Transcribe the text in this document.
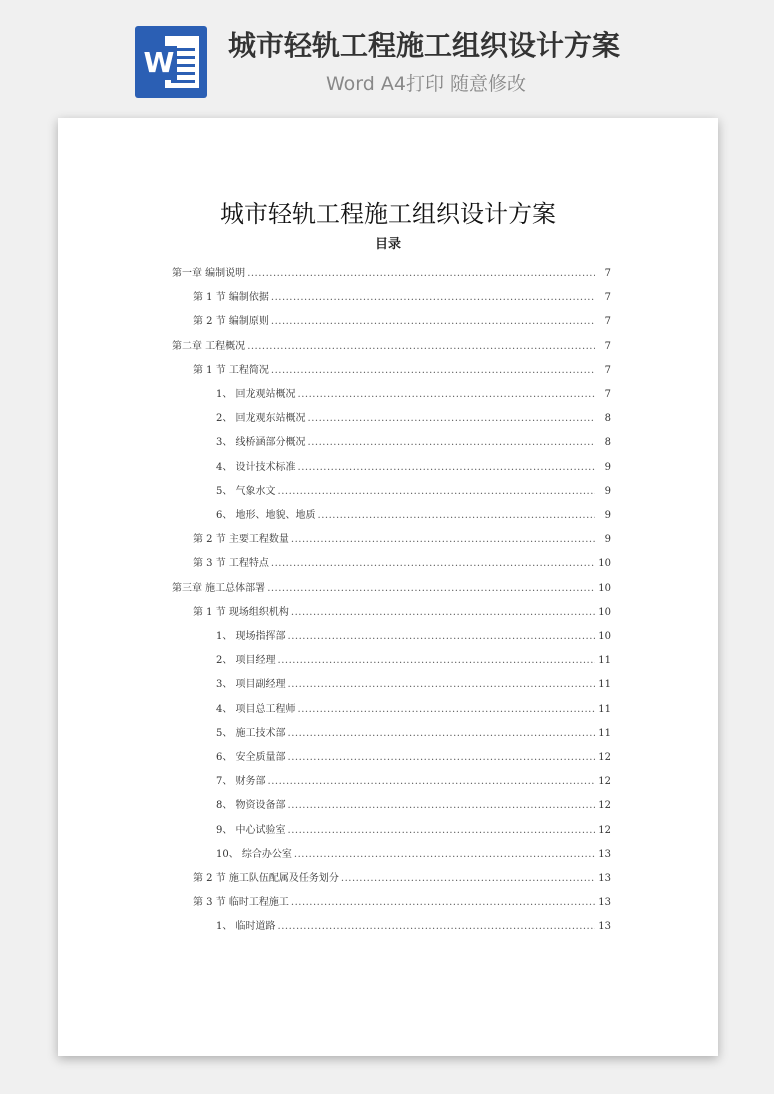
W
城市轻轨工程施工组织设计方案
Word A4打印 随意修改
城市轻轨工程施工组织设计方案
目录
第一章 编制说明 .....	7
第 1 节 编制依据 .....	7
第 2 节 编制原则 .....	7
第二章 工程概况 .....	7
第 1 节 工程简况 .....	7
1、 回龙观站概况 .....	7
2、 回龙观东站概况 .....	8
3、 线桥涵部分概况 .....	8
4、 设计技术标准 .....	9
5、 气象水文 .....	9
6、 地形、地貌、地质 .....	9
第 2 节 主要工程数量 .....	9
第 3 节 工程特点 .....	10
第三章 施工总体部署 .....	10
第 1 节 现场组织机构 .....	10
1、 现场指挥部 .....	10
2、 项目经理 .....	11
3、 项目副经理 .....	11
4、 项目总工程师 .....	11
5、 施工技术部 .....	11
6、 安全质量部 .....	12
7、 财务部 .....	12
8、 物资设备部 .....	12
9、 中心试验室 .....	12
10、 综合办公室 .....	13
第 2 节 施工队伍配属及任务划分 .....	13
第 3 节 临时工程施工 .....	13
1、 临时道路 .....	13
